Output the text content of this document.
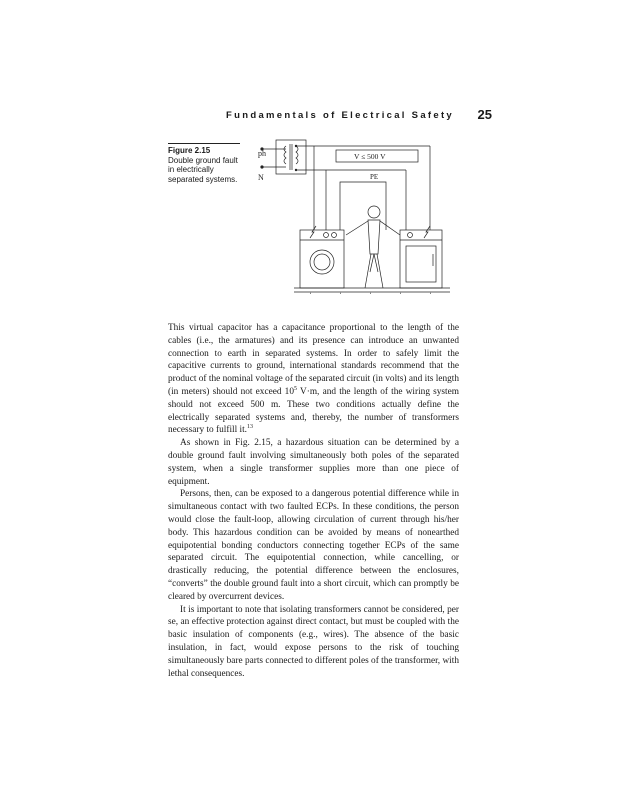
Fundamentals of Electrical Safety 25
Figure 2.15
Double ground fault in electrically separated systems.
ph
N
V ≤ 500 V
PE

This virtual capacitor has a capacitance proportional to the length of the cables (i.e., the armatures) and its presence can introduce an unwanted connection to earth in separated systems. In order to safely limit the capacitive currents to ground, international standards recommend that the product of the nominal voltage of the separated circuit (in volts) and its length (in meters) should not exceed $10^5$ V·m, and the length of the wiring system should not exceed 500 m. These two conditions actually define the electrically separated systems and, thereby, the number of transformers necessary to fulfill it.$^{13}$

As shown in Fig. 2.15, a hazardous situation can be determined by a double ground fault involving simultaneously both poles of the separated system, when a single transformer supplies more than one piece of equipment.

Persons, then, can be exposed to a dangerous potential difference while in simultaneous contact with two faulted ECPs. In these conditions, the person would close the fault-loop, allowing circulation of current through his/her body. This hazardous condition can be avoided by means of nonearthed equipotential bonding conductors connecting together ECPs of the same separated circuit. The equipotential connection, while cancelling, or drastically reducing, the potential difference between the enclosures, “converts” the double ground fault into a short circuit, which can promptly be cleared by overcurrent devices.

It is important to note that isolating transformers cannot be considered, per se, an effective protection against direct contact, but must be coupled with the basic insulation of components (e.g., wires). The absence of the basic insulation, in fact, would expose persons to the risk of touching simultaneously bare parts connected to different poles of the transformer, with lethal consequences.
